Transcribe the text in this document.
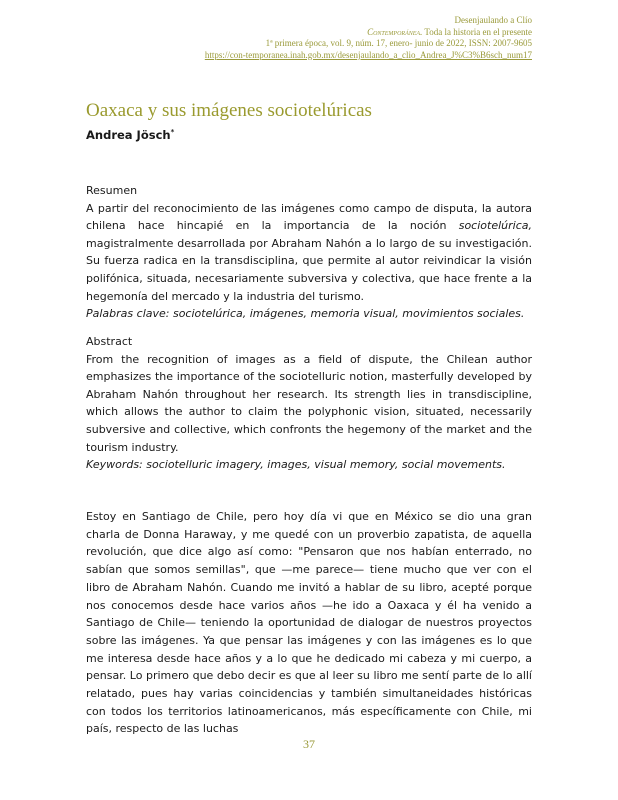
Desenjaulando a Clío
Contemporánea. Toda la historia en el presente
1ª primera época, vol. 9, núm. 17, enero- junio de 2022, ISSN: 2007-9605
https://con-temporanea.inah.gob.mx/desenjaulando_a_clio_Andrea_J%C3%B6sch_num17
Oaxaca y sus imágenes sociotelúricas
Andrea Jösch*
Resumen
A partir del reconocimiento de las imágenes como campo de disputa, la autora chilena hace hincapié en la importancia de la noción sociotelúrica, magistralmente desarrollada por Abraham Nahón a lo largo de su investigación. Su fuerza radica en la transdisciplina, que permite al autor reivindicar la visión polifónica, situada, necesariamente subversiva y colectiva, que hace frente a la hegemonía del mercado y la industria del turismo.
Palabras clave: sociotelúrica, imágenes, memoria visual, movimientos sociales.
Abstract
From the recognition of images as a field of dispute, the Chilean author emphasizes the importance of the sociotelluric notion, masterfully developed by Abraham Nahón throughout her research. Its strength lies in transdiscipline, which allows the author to claim the polyphonic vision, situated, necessarily subversive and collective, which confronts the hegemony of the market and the tourism industry.
Keywords: sociotelluric imagery, images, visual memory, social movements.
Estoy en Santiago de Chile, pero hoy día vi que en México se dio una gran charla de Donna Haraway, y me quedé con un proverbio zapatista, de aquella revolución, que dice algo así como: "Pensaron que nos habían enterrado, no sabían que somos semillas", que —me parece— tiene mucho que ver con el libro de Abraham Nahón. Cuando me invitó a hablar de su libro, acepté porque nos conocemos desde hace varios años —he ido a Oaxaca y él ha venido a Santiago de Chile— teniendo la oportunidad de dialogar de nuestros proyectos sobre las imágenes. Ya que pensar las imágenes y con las imágenes es lo que me interesa desde hace años y a lo que he dedicado mi cabeza y mi cuerpo, a pensar. Lo primero que debo decir es que al leer su libro me sentí parte de lo allí relatado, pues hay varias coincidencias y también simultaneidades históricas con todos los territorios latinoamericanos, más específicamente con Chile, mi país, respecto de las luchas
37
